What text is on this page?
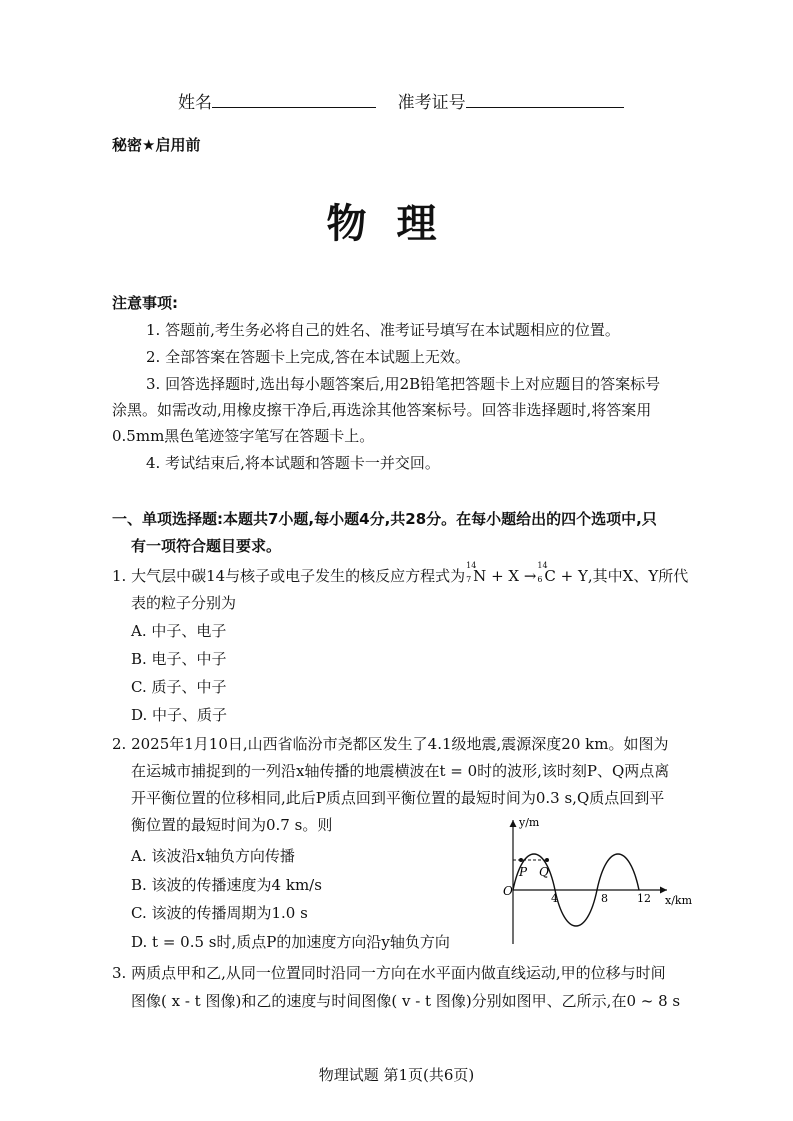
姓名	准考证号
秘密★启用前
物理
注意事项:
1. 答题前,考生务必将自己的姓名、准考证号填写在本试题相应的位置。
2. 全部答案在答题卡上完成,答在本试题上无效。
3. 回答选择题时,选出每小题答案后,用2B铅笔把答题卡上对应题目的答案标号
涂黑。如需改动,用橡皮擦干净后,再选涂其他答案标号。回答非选择题时,将答案用
0.5mm黑色笔迹签字笔写在答题卡上。
4. 考试结束后,将本试题和答题卡一并交回。
一、单项选择题:本题共7小题,每小题4分,共28分。在每小题给出的四个选项中,只
有一项符合题目要求。
1. 大气层中碳14与核子或电子发生的核反应方程式为
14
7 N + X →
14
6 C + Y,其中X、Y所代
表的粒子分别为
A. 中子、电子
B. 电子、中子
C. 质子、中子
D. 中子、质子
2. 2025年1月10日,山西省临汾市尧都区发生了4.1级地震,震源深度20 km。如图为
在运城市捕捉到的一列沿x轴传播的地震横波在t = 0时的波形,该时刻P、Q两点离
开平衡位置的位移相同,此后P质点回到平衡位置的最短时间为0.3 s,Q质点回到平
衡位置的最短时间为0.7 s。则
A. 该波沿x轴负方向传播
B. 该波的传播速度为4 km/s
C. 该波的传播周期为1.0 s
D. t = 0.5 s时,质点P的加速度方向沿y轴负方向
y/m
x/km
O
P Q
4	8	12
3. 两质点甲和乙,从同一位置同时沿同一方向在水平面内做直线运动,甲的位移与时间
图像( x - t 图像)和乙的速度与时间图像( v - t 图像)分别如图甲、乙所示,在0 ~ 8 s
物理试题 第1页(共6页)
